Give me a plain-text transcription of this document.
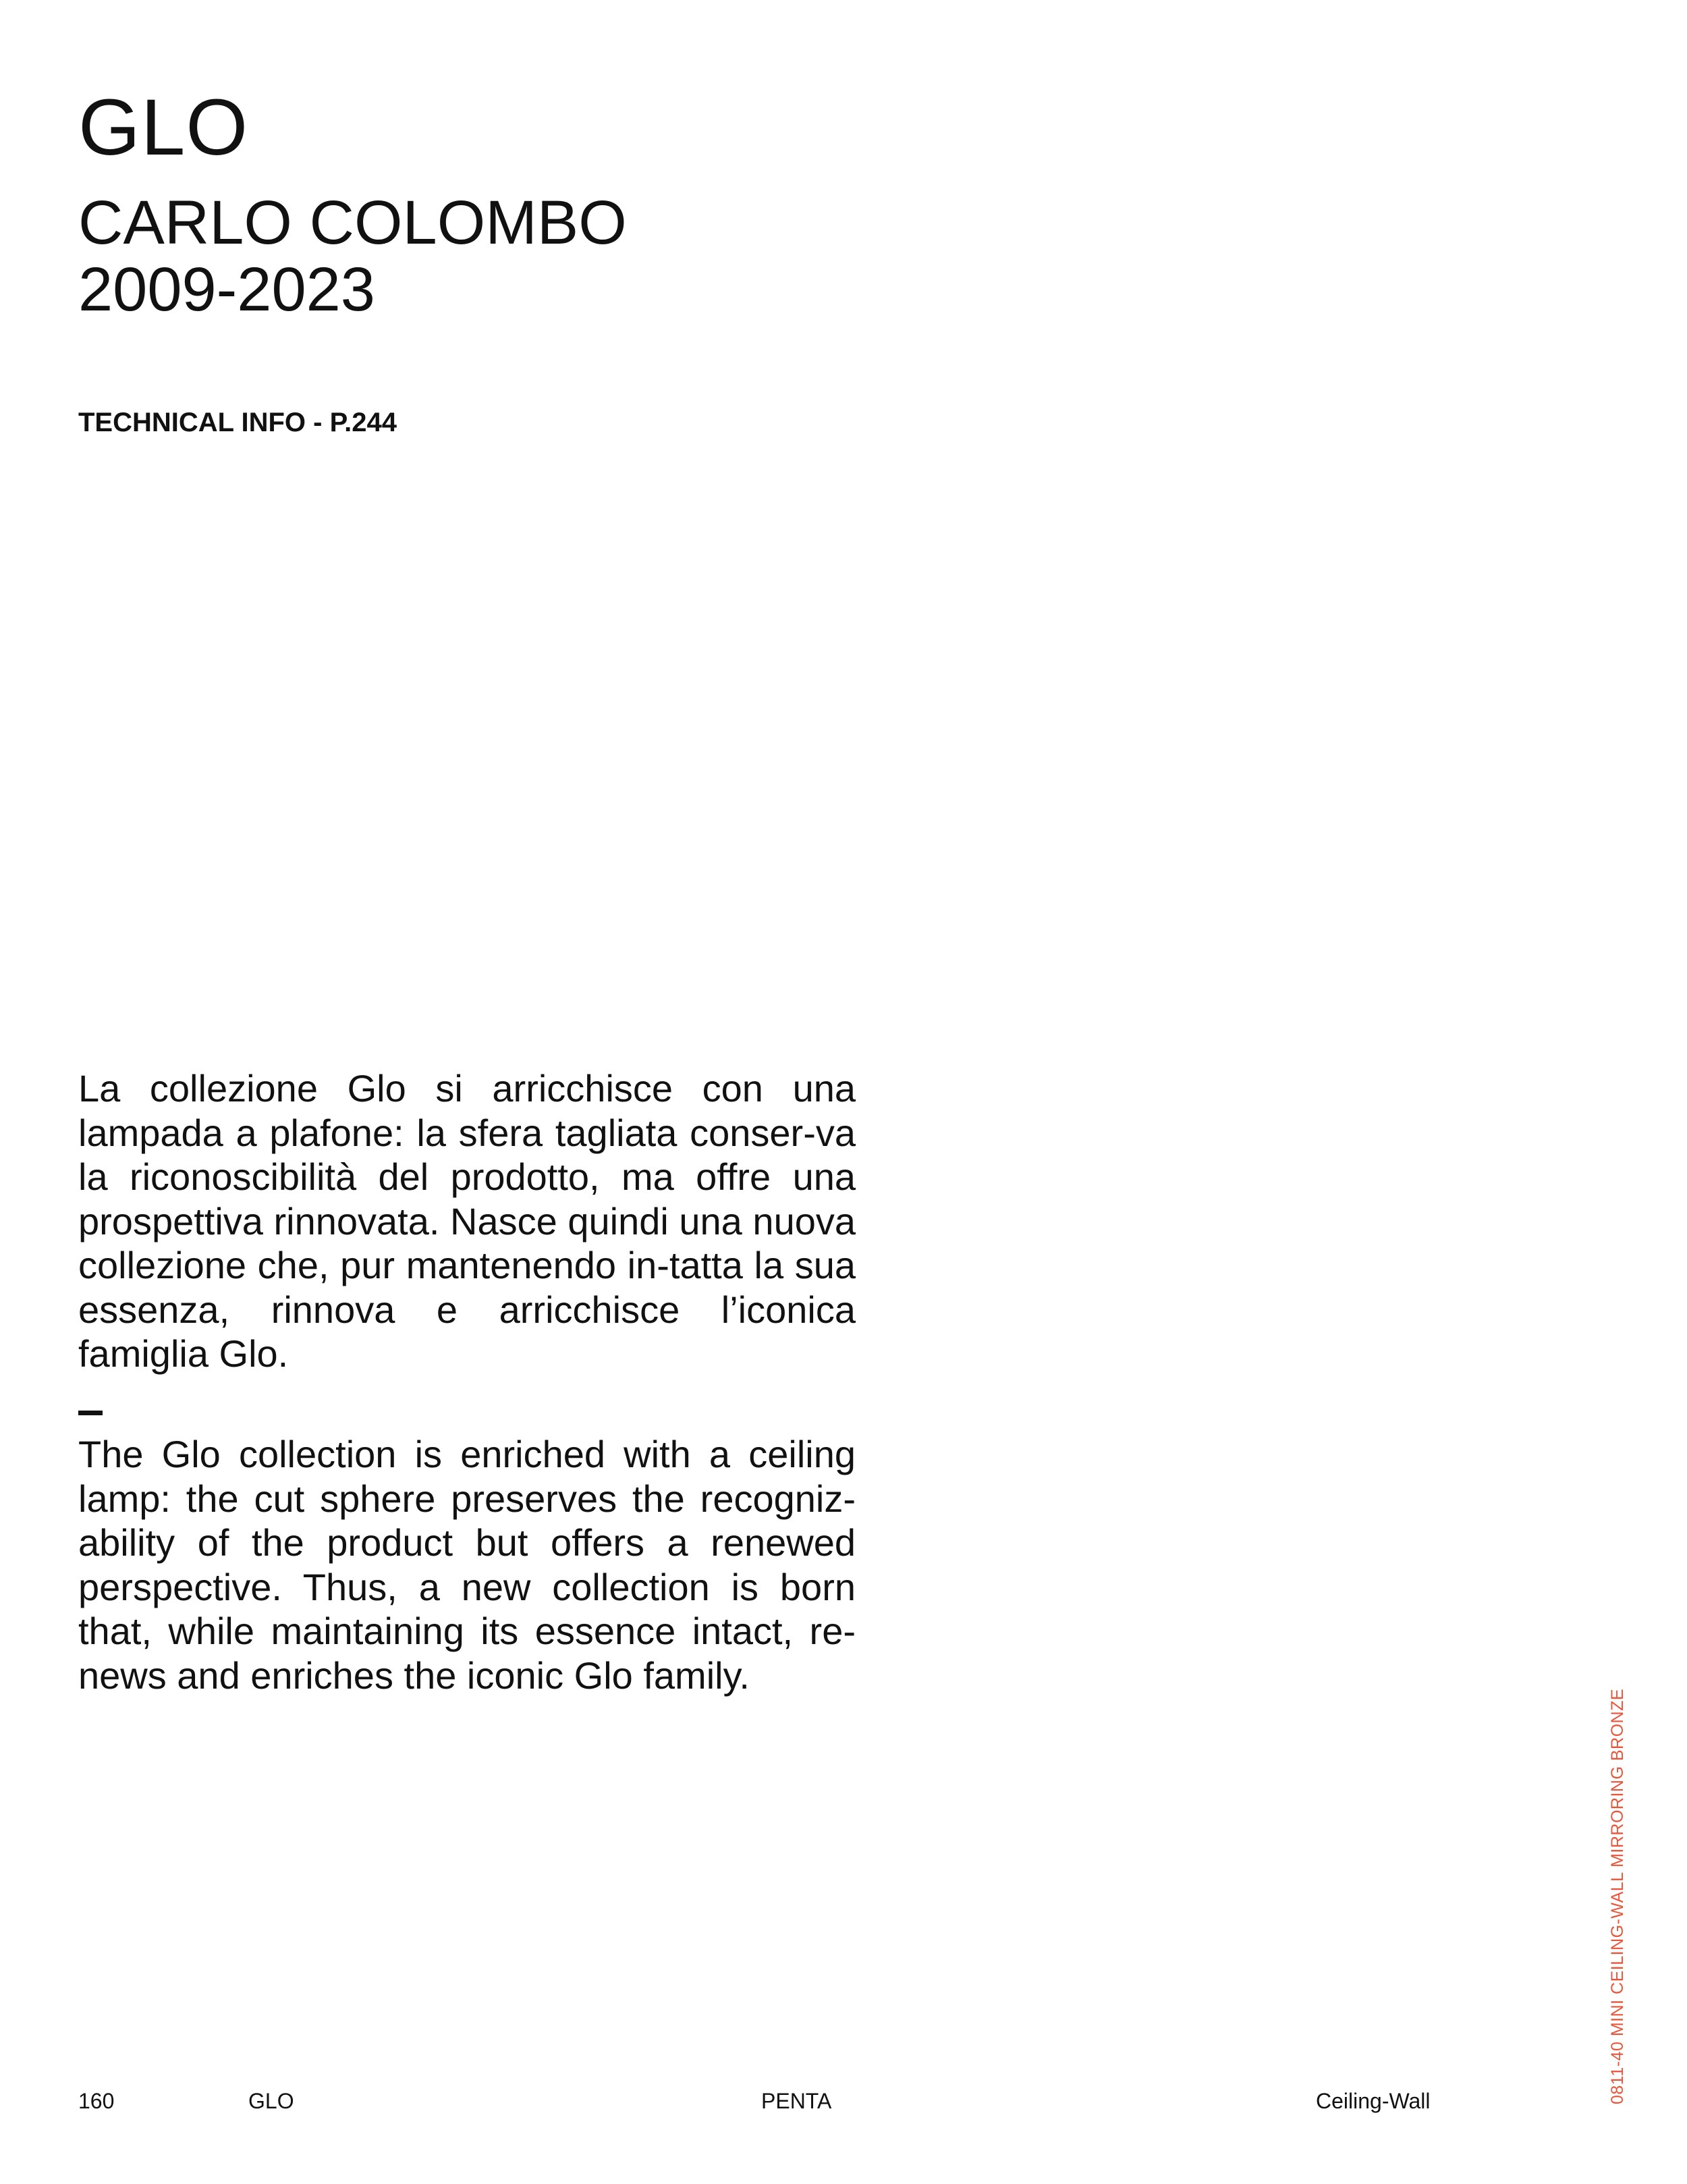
GLO
CARLO COLOMBO
2009-2023
TECHNICAL INFO - P.244

La collezione Glo si arricchisce con una lampada a plafone: la sfera tagliata conser-va la riconoscibilità del prodotto, ma offre una prospettiva rinnovata. Nasce quindi una nuova collezione che, pur mantenendo in-tatta la sua essenza, rinnova e arricchisce l’iconica famiglia Glo.

The Glo collection is enriched with a ceiling lamp: the cut sphere preserves the recogniz-ability of the product but offers a renewed perspective. Thus, a new collection is born that, while maintaining its essence intact, re-news and enriches the iconic Glo family.

0811-40 MINI CEILING-WALL MIRRORING BRONZE
160	GLO	PENTA	Ceiling-Wall
